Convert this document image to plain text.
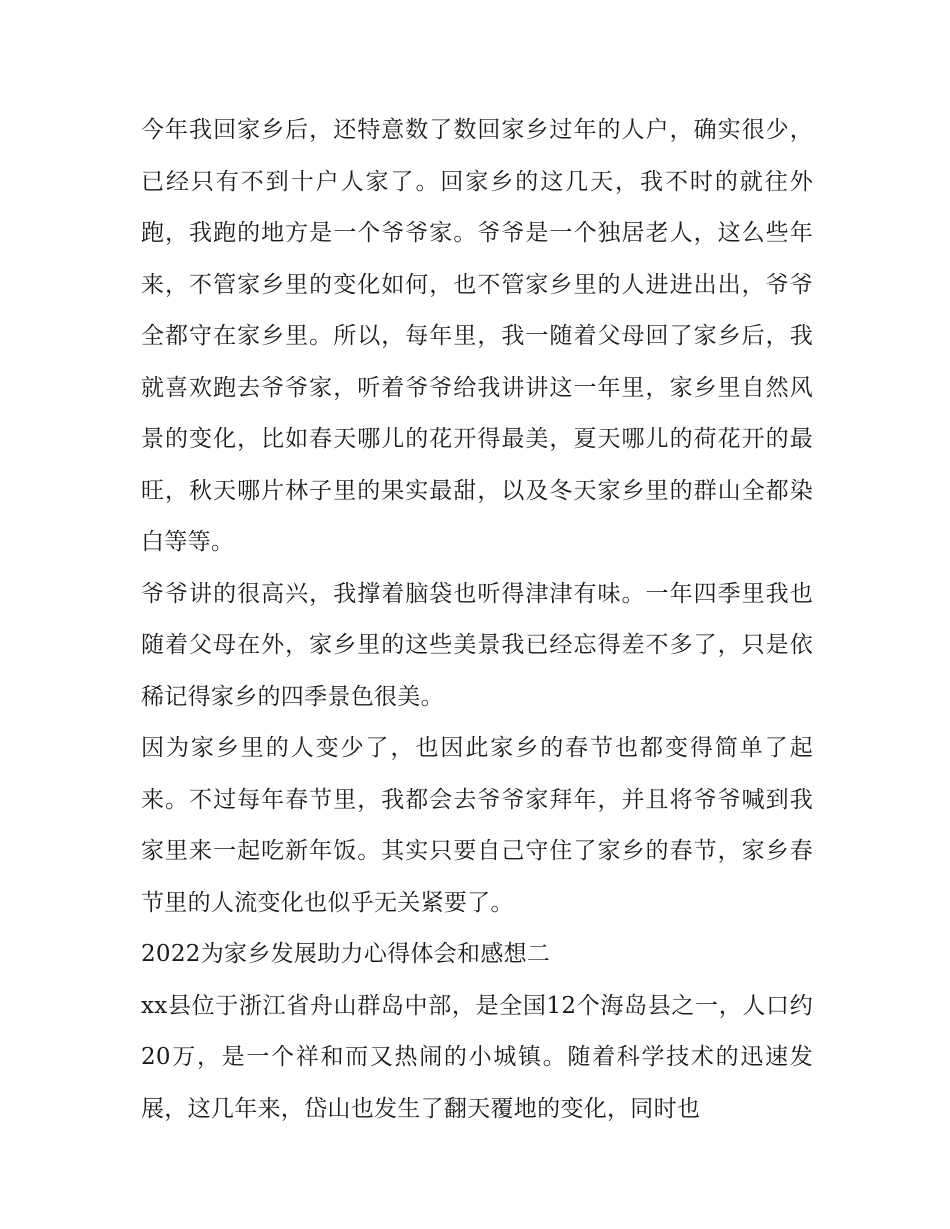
今年我回家乡后，还特意数了数回家乡过年的人户，确实很少，已经只有不到十户人家了。回家乡的这几天，我不时的就往外跑，我跑的地方是一个爷爷家。爷爷是一个独居老人，这么些年来，不管家乡里的变化如何，也不管家乡里的人进进出出，爷爷全都守在家乡里。所以，每年里，我一随着父母回了家乡后，我就喜欢跑去爷爷家，听着爷爷给我讲讲这一年里，家乡里自然风景的变化，比如春天哪儿的花开得最美，夏天哪儿的荷花开的最旺，秋天哪片林子里的果实最甜，以及冬天家乡里的群山全都染白等等。

爷爷讲的很高兴，我撑着脑袋也听得津津有味。一年四季里我也随着父母在外，家乡里的这些美景我已经忘得差不多了，只是依稀记得家乡的四季景色很美。

因为家乡里的人变少了，也因此家乡的春节也都变得简单了起来。不过每年春节里，我都会去爷爷家拜年，并且将爷爷喊到我家里来一起吃新年饭。其实只要自己守住了家乡的春节，家乡春节里的人流变化也似乎无关紧要了。

2022为家乡发展助力心得体会和感想二

xx县位于浙江省舟山群岛中部，是全国12个海岛县之一，人口约20万，是一个祥和而又热闹的小城镇。随着科学技术的迅速发展，这几年来，岱山也发生了翻天覆地的变化，同时也
